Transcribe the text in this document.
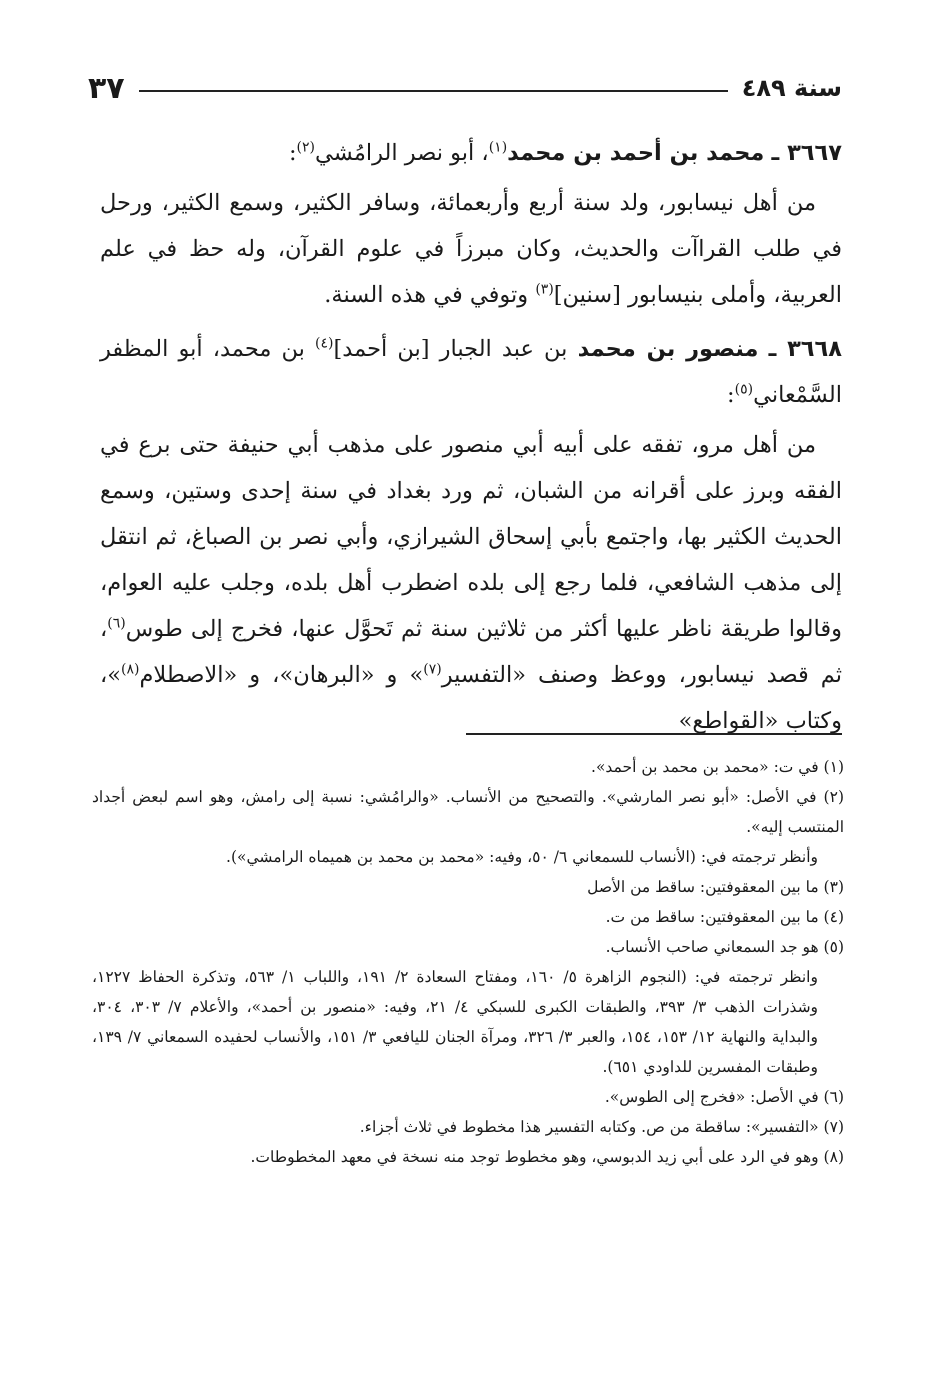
سنة ٤٨٩
٣٧

٣٦٦٧ ـ محمد بن أحمد بن محمد$^{(١)}$، أبو نصر الرامُشي$^{(٢)}$:

من أهل نيسابور، ولد سنة أربع وأربعمائة، وسافر الكثير، وسمع الكثير، ورحل في طلب القراآت والحديث، وكان مبرزاً في علوم القرآن، وله حظ في علم العربية، وأملى بنيسابور [سنين]$^{(٣)}$ وتوفي في هذه السنة.

٣٦٦٨ ـ منصور بن محمد بن عبد الجبار [بن أحمد]$^{(٤)}$ بن محمد، أبو المظفر السَّمْعاني$^{(٥)}$:

من أهل مرو، تفقه على أبيه أبي منصور على مذهب أبي حنيفة حتى برع في الفقه وبرز على أقرانه من الشبان، ثم ورد بغداد في سنة إحدى وستين، وسمع الحديث الكثير بها، واجتمع بأبي إسحاق الشيرازي، وأبي نصر بن الصباغ، ثم انتقل إلى مذهب الشافعي، فلما رجع إلى بلده اضطرب أهل بلده، وجلب عليه العوام، وقالوا طريقة ناظر عليها أكثر من ثلاثين سنة ثم تَحوَّل عنها، فخرج إلى طوس$^{(٦)}$، ثم قصد نيسابور، ووعظ وصنف «التفسير$^{(٧)}$» و «البرهان»، و «الاصطلام$^{(٨)}$»، وكتاب «القواطع»

(١) في ت: «محمد بن محمد بن أحمد».

(٢) في الأصل: «أبو نصر المارشي». والتصحيح من الأنساب. «والرامُشي: نسبة إلى رامش، وهو اسم لبعض أجداد المنتسب إليه».

وأنظر ترجمته في: (الأنساب للسمعاني ٦/ ٥٠، وفيه: «محمد بن محمد بن هميماه الرامشي»).

(٣) ما بين المعقوفتين: ساقط من الأصل

(٤) ما بين المعقوفتين: ساقط من ت.

(٥) هو جد السمعاني صاحب الأنساب.

وانظر ترجمته في: (النجوم الزاهرة ٥/ ١٦٠، ومفتاح السعادة ٢/ ١٩١، واللباب ١/ ٥٦٣، وتذكرة الحفاظ ١٢٢٧، وشذرات الذهب ٣/ ٣٩٣، والطبقات الكبرى للسبكي ٤/ ٢١، وفيه: «منصور بن أحمد»، والأعلام ٧/ ٣٠٣، ٣٠٤، والبداية والنهاية ١٢/ ١٥٣، ١٥٤، والعبر ٣/ ٣٢٦، ومرآة الجنان لليافعي ٣/ ١٥١، والأنساب لحفيده السمعاني ٧/ ١٣٩، وطبقات المفسرين للداودي ٦٥١).

(٦) في الأصل: «فخرج إلى الطوس».

(٧) «التفسير»: ساقطة من ص. وكتابه التفسير هذا مخطوط في ثلاث أجزاء.

(٨) وهو في الرد على أبي زيد الدبوسي، وهو مخطوط توجد منه نسخة في معهد المخطوطات.
